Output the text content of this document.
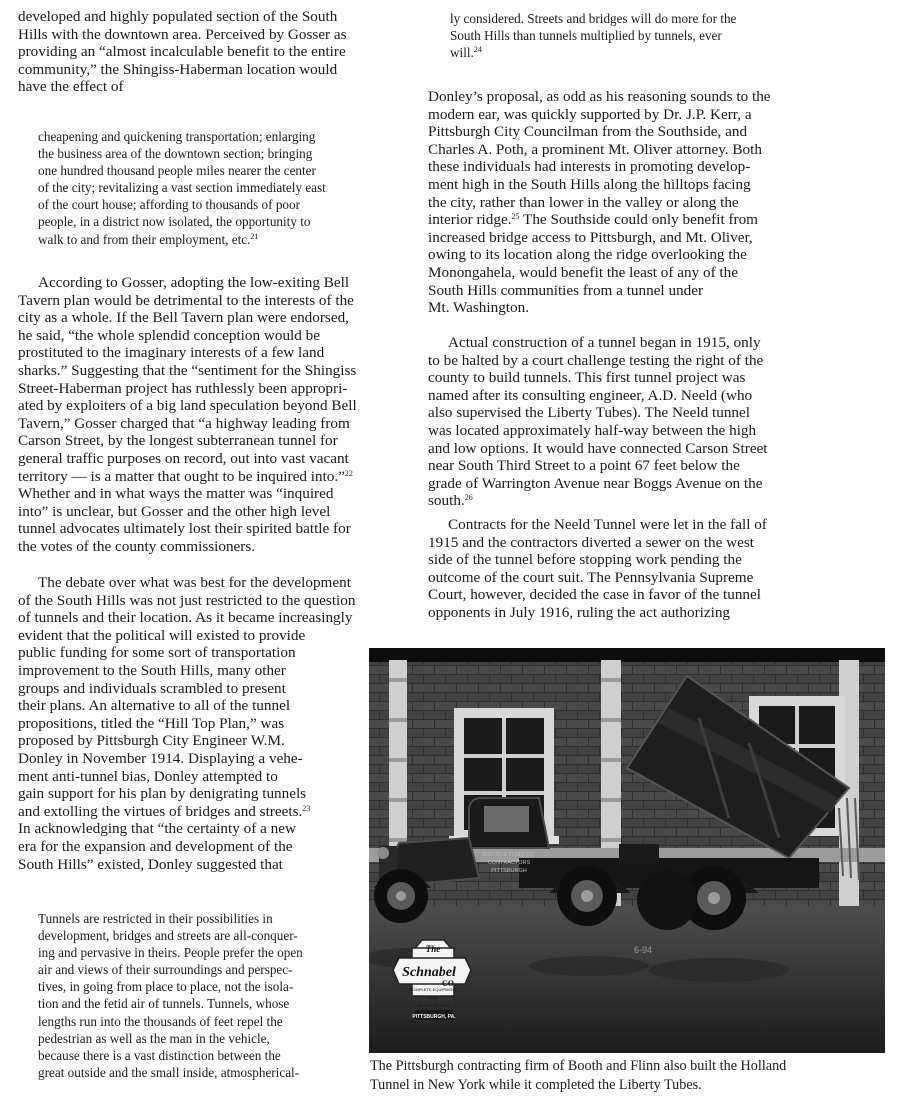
developed and highly populated section of the South
Hills with the downtown area. Perceived by Gosser as
providing an “almost incalculable benefit to the entire
community,” the Shingiss-Haberman location would
have the effect of
cheapening and quickening transportation; enlarging
the business area of the downtown section; bringing
one hundred thousand people miles nearer the center
of the city; revitalizing a vast section immediately east
of the court house; affording to thousands of poor
people, in a district now isolated, the opportunity to
walk to and from their employment, etc.$^{21}$
According to Gosser, adopting the low-exiting Bell
Tavern plan would be detrimental to the interests of the
city as a whole. If the Bell Tavern plan were endorsed,
he said, “the whole splendid conception would be
prostituted to the imaginary interests of a few land
sharks.” Suggesting that the “sentiment for the Shingiss
Street-Haberman project has ruthlessly been appropri-
ated by exploiters of a big land speculation beyond Bell
Tavern,” Gosser charged that “a highway leading from
Carson Street, by the longest subterranean tunnel for
general traffic purposes on record, out into vast vacant
territory — is a matter that ought to be inquired into.”$^{22}$
Whether and in what ways the matter was “inquired
into” is unclear, but Gosser and the other high level
tunnel advocates ultimately lost their spirited battle for
the votes of the county commissioners.
The debate over what was best for the development
of the South Hills was not just restricted to the question
of tunnels and their location. As it became increasingly
evident that the political will existed to provide
public funding for some sort of transportation
improvement to the South Hills, many other
groups and individuals scrambled to present
their plans. An alternative to all of the tunnel
propositions, titled the “Hill Top Plan,” was
proposed by Pittsburgh City Engineer W.M.
Donley in November 1914. Displaying a vehe-
ment anti-tunnel bias, Donley attempted to
gain support for his plan by denigrating tunnels
and extolling the virtues of bridges and streets.$^{23}$
In acknowledging that “the certainty of a new
era for the expansion and development of the
South Hills” existed, Donley suggested that
Tunnels are restricted in their possibilities in
development, bridges and streets are all-conquer-
ing and pervasive in theirs. People prefer the open
air and views of their surroundings and perspec-
tives, in going from place to place, not the isola-
tion and the fetid air of tunnels. Tunnels, whose
lengths run into the thousands of feet repel the
pedestrian as well as the man in the vehicle,
because there is a vast distinction between the
great outside and the small inside, atmospherical-
ly considered. Streets and bridges will do more for the
South Hills than tunnels multiplied by tunnels, ever
will.$^{24}$
Donley’s proposal, as odd as his reasoning sounds to the
modern ear, was quickly supported by Dr. J.P. Kerr, a
Pittsburgh City Councilman from the Southside, and
Charles A. Poth, a prominent Mt. Oliver attorney. Both
these individuals had interests in promoting develop-
ment high in the South Hills along the hilltops facing
the city, rather than lower in the valley or along the
interior ridge.$^{25}$ The Southside could only benefit from
increased bridge access to Pittsburgh, and Mt. Oliver,
owing to its location along the ridge overlooking the
Monongahela, would benefit the least of any of the
South Hills communities from a tunnel under
Mt. Washington.
Actual construction of a tunnel began in 1915, only
to be halted by a court challenge testing the right of the
county to build tunnels. This first tunnel project was
named after its consulting engineer, A.D. Neeld (who
also supervised the Liberty Tubes). The Neeld tunnel
was located approximately half-way between the high
and low options. It would have connected Carson Street
near South Third Street to a point 67 feet below the
grade of Warrington Avenue near Boggs Avenue on the
south.$^{26}$
Contracts for the Neeld Tunnel were let in the fall of
1915 and the contractors diverted a sewer on the west
side of the tunnel before stopping work pending the
outcome of the court suit. The Pennsylvania Supreme
Court, however, decided the case in favor of the tunnel
opponents in July 1916, ruling the act authorizing
BOOTH & FLINN CO.
CONTRACTORS
PITTSBURGH
6-94
The
Schnabel
CO.
COMPLETE EQUIPMENT
FOR
MOTOR TRUCKS
PITTSBURGH, PA.
The Pittsburgh contracting firm of Booth and Flinn also built the Holland
Tunnel in New York while it completed the Liberty Tubes.
